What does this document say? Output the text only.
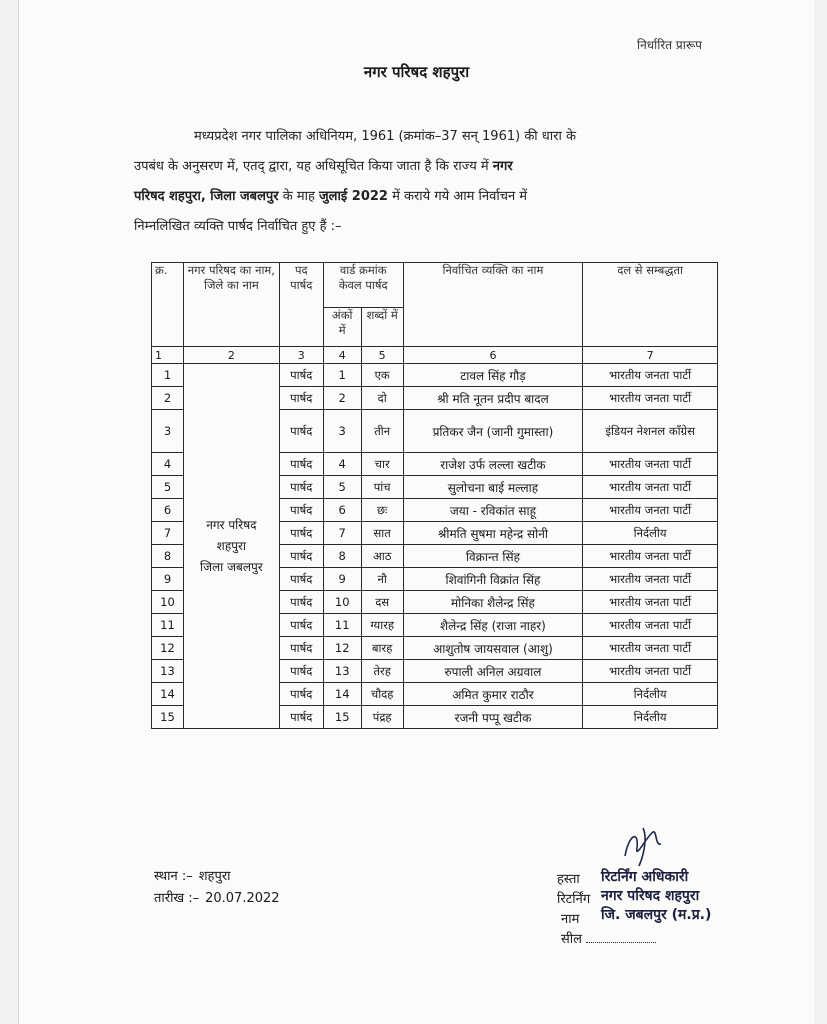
निर्धारित प्रारूप
नगर परिषद शहपुरा
मध्यप्रदेश नगर पालिका अधिनियम, 1961 (क्रमांक–37 सन् 1961) की धारा के
उपबंध के अनुसरण में, एतद् द्वारा, यह अधिसूचित किया जाता है कि राज्य में नगर
परिषद शहपुरा, जिला जबलपुर के माह जुलाई 2022 में कराये गये आम निर्वाचन में
निम्नलिखित व्यक्ति पार्षद निर्वाचित हुए हैं :–
क्र.	नगर परिषद का नाम, जिले का नाम	पद पार्षद	वार्ड क्रमांक केवल पार्षद		निर्वाचित व्यक्ति का नाम	दल से सम्बद्धता
			अंकों में	शब्दों में		
1	2	3	4	5	6	7
1	नगर परिषद
शहपुरा
जिला जबलपुर	पार्षद	1	एक	टावल सिंह गौड़	भारतीय जनता पार्टी
2		पार्षद	2	दो	श्री मति नूतन प्रदीप बादल	भारतीय जनता पार्टी
3		पार्षद	3	तीन	प्रतिकर जैन (जानी गुमास्ता)	इंडियन नेशनल काँग्रेस
4		पार्षद	4	चार	राजेश उर्फ लल्ला खटीक	भारतीय जनता पार्टी
5		पार्षद	5	पांच	सुलोचना बाई मल्लाह	भारतीय जनता पार्टी
6		पार्षद	6	छः	जया - रविकांत साहू	भारतीय जनता पार्टी
7		पार्षद	7	सात	श्रीमति सुषमा महेन्द्र सोनी	निर्दलीय
8		पार्षद	8	आठ	विक्रान्त सिंह	भारतीय जनता पार्टी
9		पार्षद	9	नौ	शिवांगिनी विक्रांत सिंह	भारतीय जनता पार्टी
10		पार्षद	10	दस	मोनिका शैलेन्द्र सिंह	भारतीय जनता पार्टी
11		पार्षद	11	ग्यारह	शैलेन्द्र सिंह (राजा नाहर)	भारतीय जनता पार्टी
12		पार्षद	12	बारह	आशुतोष जायसवाल (आशु)	भारतीय जनता पार्टी
13		पार्षद	13	तेरह	रुपाली अनिल अग्रवाल	भारतीय जनता पार्टी
14		पार्षद	14	चौदह	अमित कुमार राठौर	निर्दलीय
15		पार्षद	15	पंद्रह	रजनी पप्पू खटीक	निर्दलीय
स्थान :– शहपुरा
तारीख :– 20.07.2022
हस्ता
रिटर्निंग
नाम
सील
रिटर्निंग अधिकारी
नगर परिषद शहपुरा
जि. जबलपुर (म.प्र.)
